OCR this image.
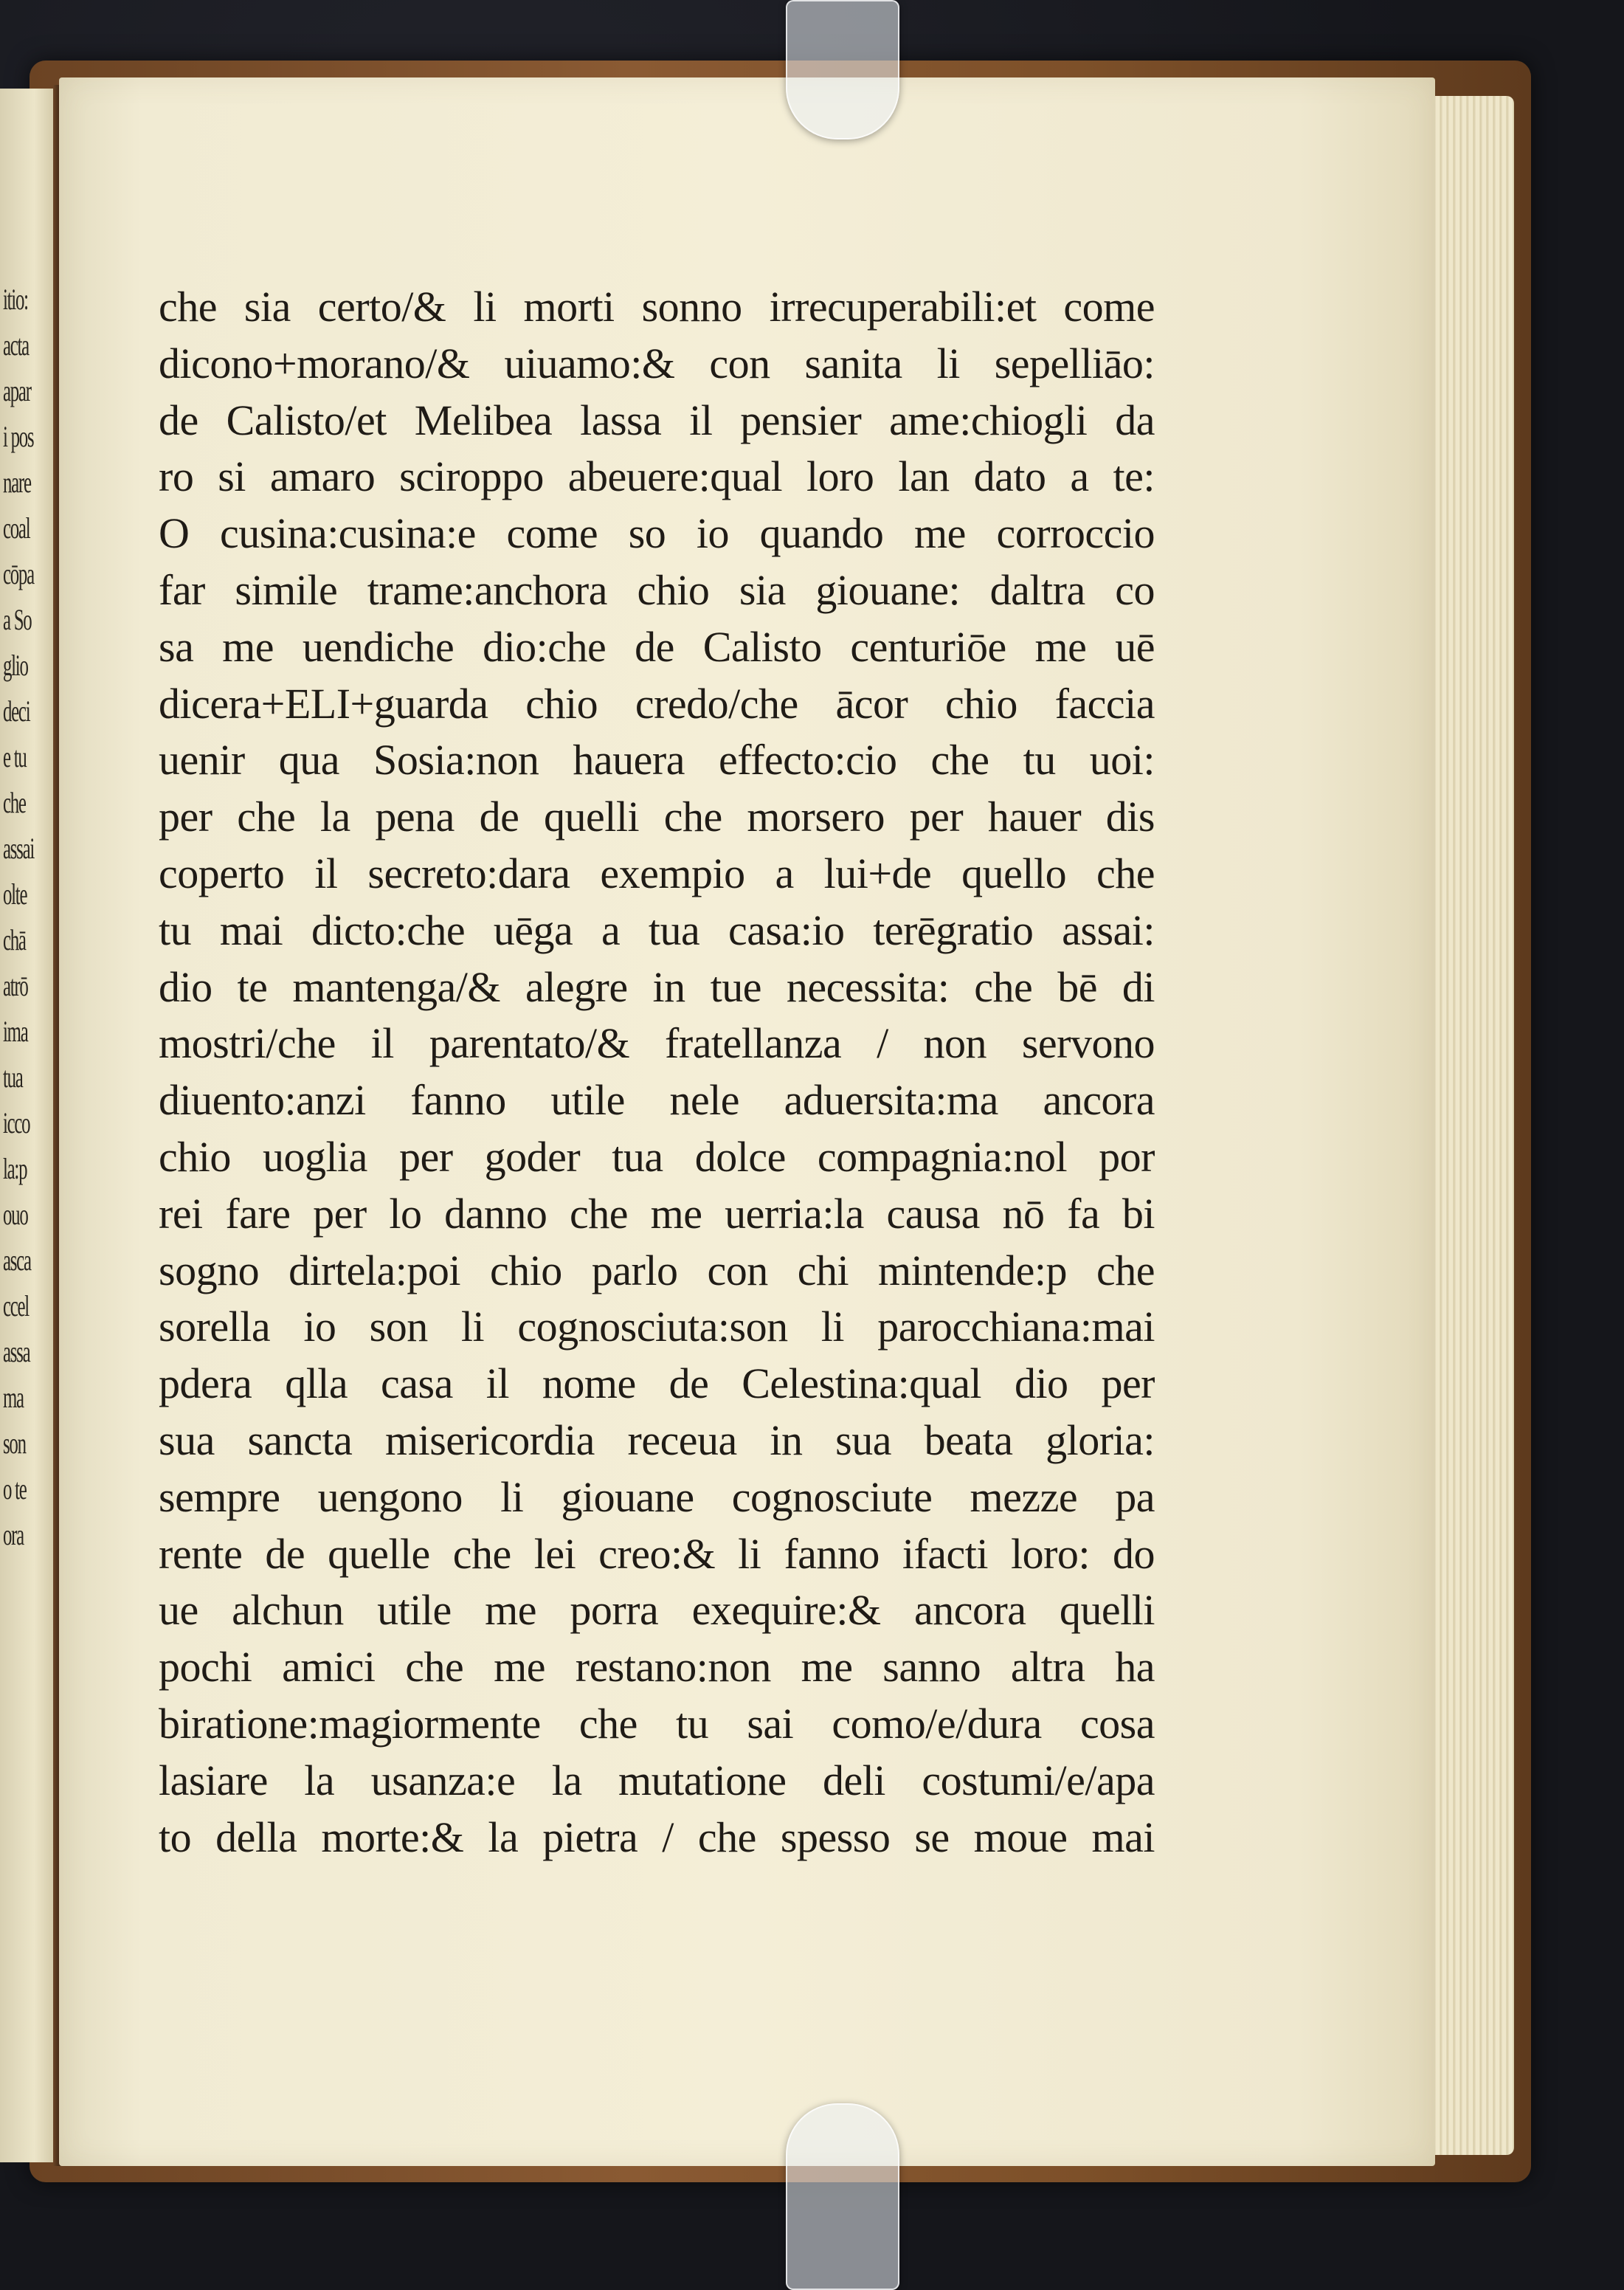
itio:
acta
apar
i pos
nare
coal
cōpa
a So
glio
deci
e tu
che
assai
olte
chā
atrō
ima
tua
icco
la:p
ouo
asca
ccel
assa
ma
son
o te
ora
che sia certo/& li morti sonno irrecuperabili:et come
dicono+morano/& uiuamo:& con sanita li sepelliāo:
de Calisto/et Melibea lassa il pensier ame:chiogli da
ro si amaro sciroppo abeuere:qual loro lan dato a te:
O cusina:cusina:e come so io quando me corroccio
far simile trame:anchora chio sia giouane: daltra co
sa me uendiche dio:che de Calisto centuriōe me uē
dicera+ELI+guarda chio credo/che ācor chio faccia
uenir qua Sosia:non hauera effecto:cio che tu uoi:
per che la pena de quelli che morsero per hauer dis
coperto il secreto:dara exempio a lui+de quello che
tu mai dicto:che uēga a tua casa:io terēgratio assai:
dio te mantenga/& alegre in tue necessita: che bē di
mostri/che il parentato/& fratellanza / non servono
diuento:anzi fanno utile nele aduersita:ma ancora
chio uoglia per goder tua dolce compagnia:nol por
rei fare per lo danno che me uerria:la causa nō fa bi
sogno dirtela:poi chio parlo con chi mintende:p che
sorella io son li cognosciuta:son li parocchiana:mai
pdera qlla casa il nome de Celestina:qual dio per
sua sancta misericordia receua in sua beata gloria:
sempre uengono li giouane cognosciute mezze pa
rente de quelle che lei creo:& li fanno ifacti loro: do
ue alchun utile me porra exequire:& ancora quelli
pochi amici che me restano:non me sanno altra ha
biratione:magiormente che tu sai como/e/dura cosa
lasiare la usanza:e la mutatione deli costumi/e/apa
to della morte:& la pietra / che spesso se moue mai
